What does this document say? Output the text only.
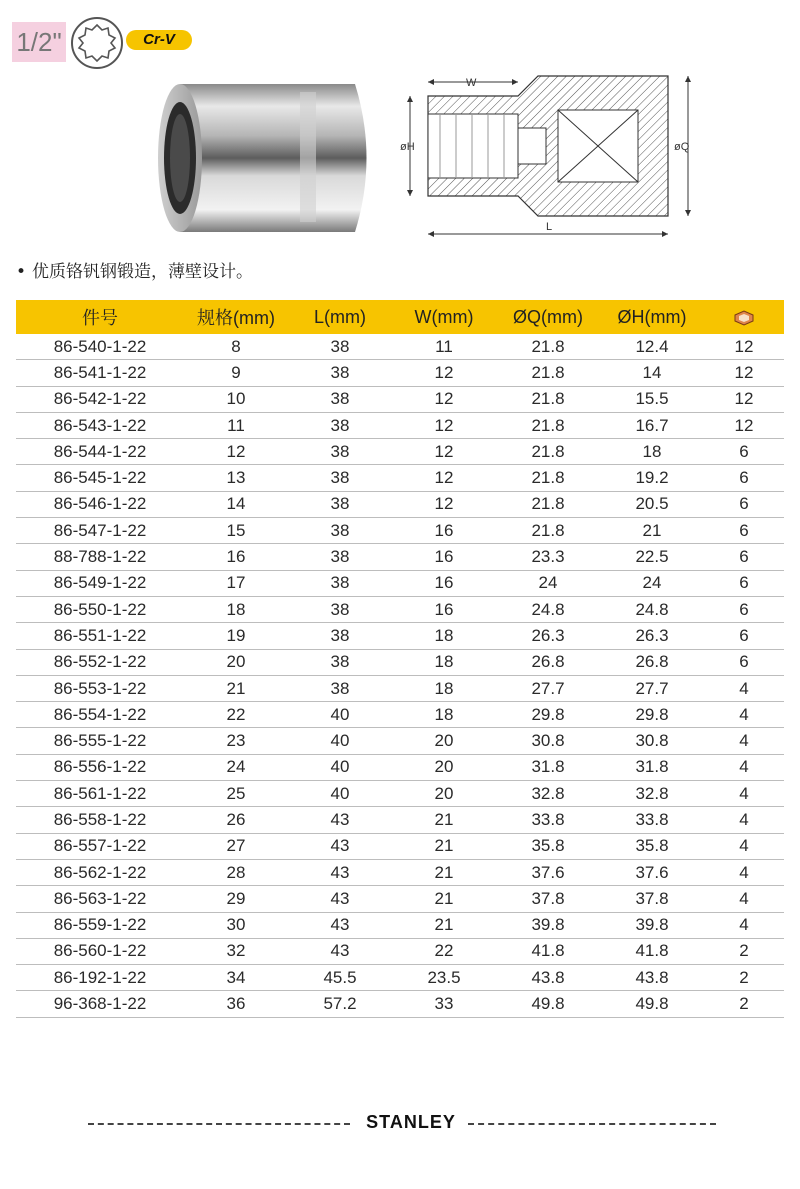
1/2"	Cr-V
W
L
øH	øQ
• 优质铬钒钢锻造，薄壁设计。
件号	规格(mm)	L(mm)	W(mm)	ØQ(mm)	ØH(mm)	
86-540-1-22	8	38	11	21.8	12.4	12
86-541-1-22	9	38	12	21.8	14	12
86-542-1-22	10	38	12	21.8	15.5	12
86-543-1-22	11	38	12	21.8	16.7	12
86-544-1-22	12	38	12	21.8	18	6
86-545-1-22	13	38	12	21.8	19.2	6
86-546-1-22	14	38	12	21.8	20.5	6
86-547-1-22	15	38	16	21.8	21	6
88-788-1-22	16	38	16	23.3	22.5	6
86-549-1-22	17	38	16	24	24	6
86-550-1-22	18	38	16	24.8	24.8	6
86-551-1-22	19	38	18	26.3	26.3	6
86-552-1-22	20	38	18	26.8	26.8	6
86-553-1-22	21	38	18	27.7	27.7	4
86-554-1-22	22	40	18	29.8	29.8	4
86-555-1-22	23	40	20	30.8	30.8	4
86-556-1-22	24	40	20	31.8	31.8	4
86-561-1-22	25	40	20	32.8	32.8	4
86-558-1-22	26	43	21	33.8	33.8	4
86-557-1-22	27	43	21	35.8	35.8	4
86-562-1-22	28	43	21	37.6	37.6	4
86-563-1-22	29	43	21	37.8	37.8	4
86-559-1-22	30	43	21	39.8	39.8	4
86-560-1-22	32	43	22	41.8	41.8	2
86-192-1-22	34	45.5	23.5	43.8	43.8	2
96-368-1-22	36	57.2	33	49.8	49.8	2
STANLEY
